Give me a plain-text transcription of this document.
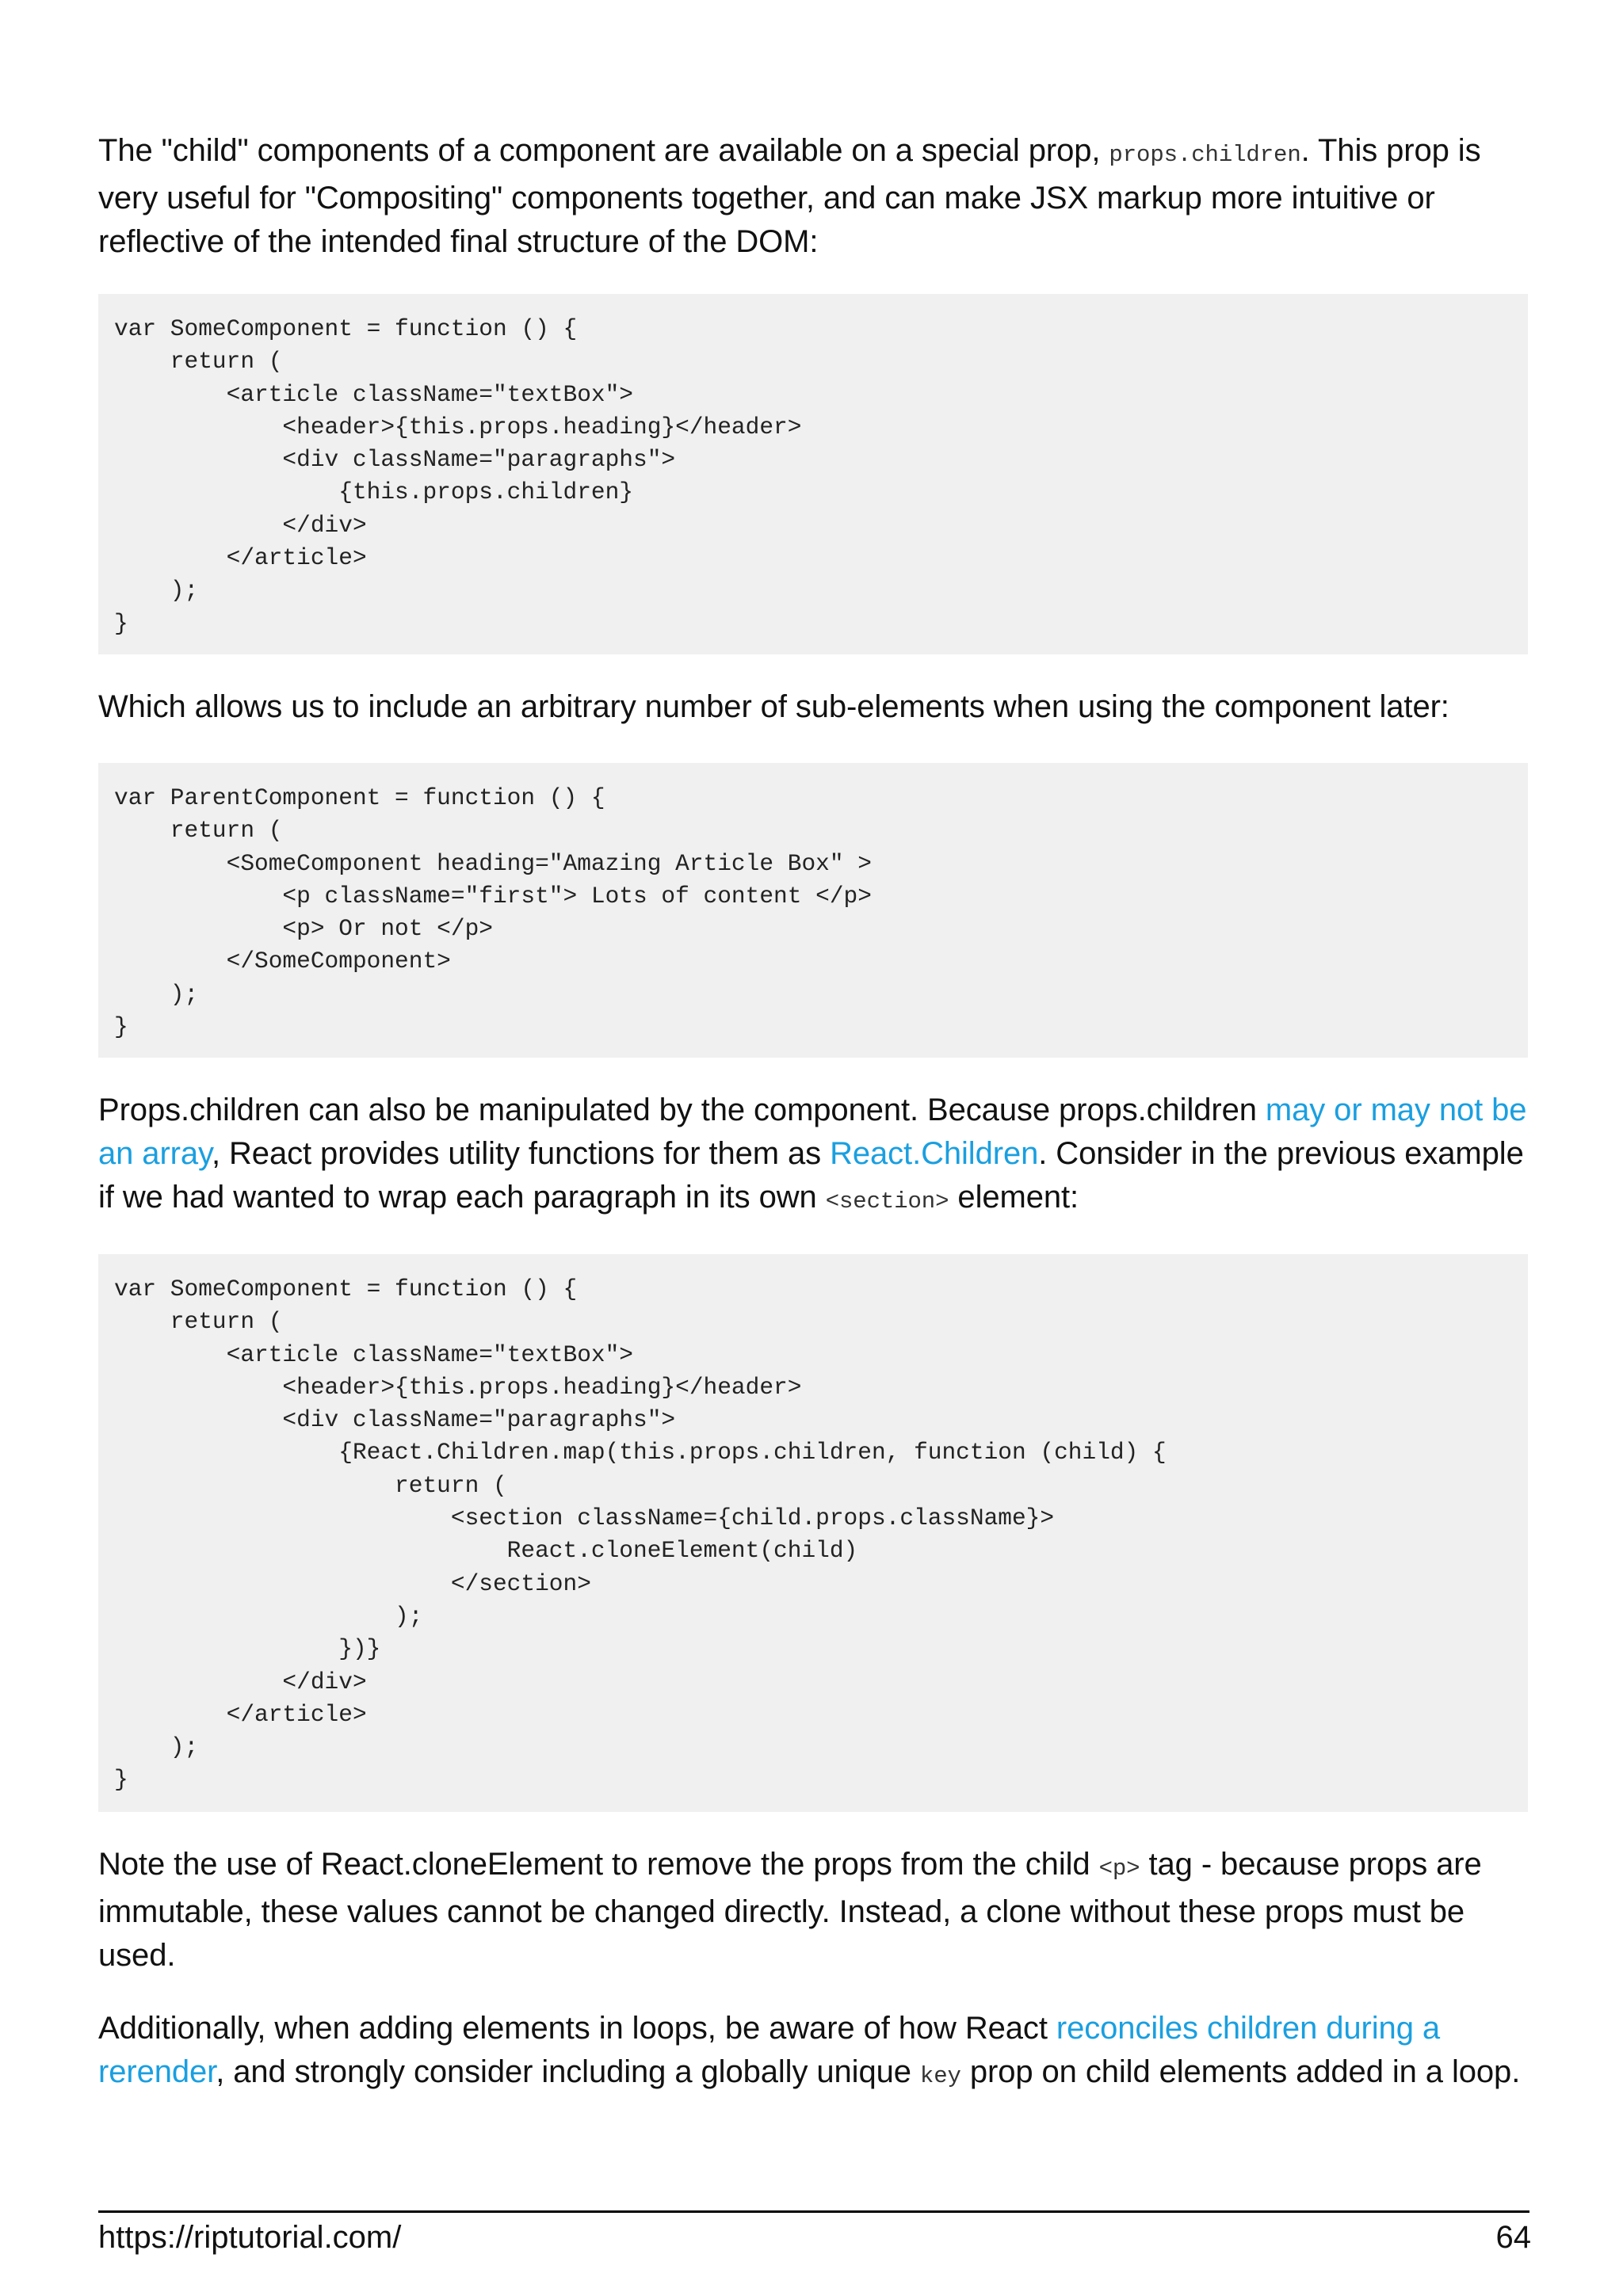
The "child" components of a component are available on a special prop, props.children. This prop is very useful for "Compositing" components together, and can make JSX markup more intuitive or reflective of the intended final structure of the DOM:

var SomeComponent = function () {
return (
<article className="textBox">
<header>{this.props.heading}</header>
<div className="paragraphs">
{this.props.children}
</div>
</article>
);
}

Which allows us to include an arbitrary number of sub-elements when using the component later:

var ParentComponent = function () {
return (
<SomeComponent heading="Amazing Article Box" >
<p className="first"> Lots of content </p>
<p> Or not </p>
</SomeComponent>
);
}

Props.children can also be manipulated by the component. Because props.children may or may not be an array, React provides utility functions for them as React.Children. Consider in the previous example if we had wanted to wrap each paragraph in its own <section> element:

var SomeComponent = function () {
return (
<article className="textBox">
<header>{this.props.heading}</header>
<div className="paragraphs">
{React.Children.map(this.props.children, function (child) {
return (
<section className={child.props.className}>
React.cloneElement(child)
</section>
);
})}
</div>
</article>
);
}

Note the use of React.cloneElement to remove the props from the child <p> tag - because props are immutable, these values cannot be changed directly. Instead, a clone without these props must be used.

Additionally, when adding elements in loops, be aware of how React reconciles children during a rerender, and strongly consider including a globally unique key prop on child elements added in a loop.

https://riptutorial.com/	64
